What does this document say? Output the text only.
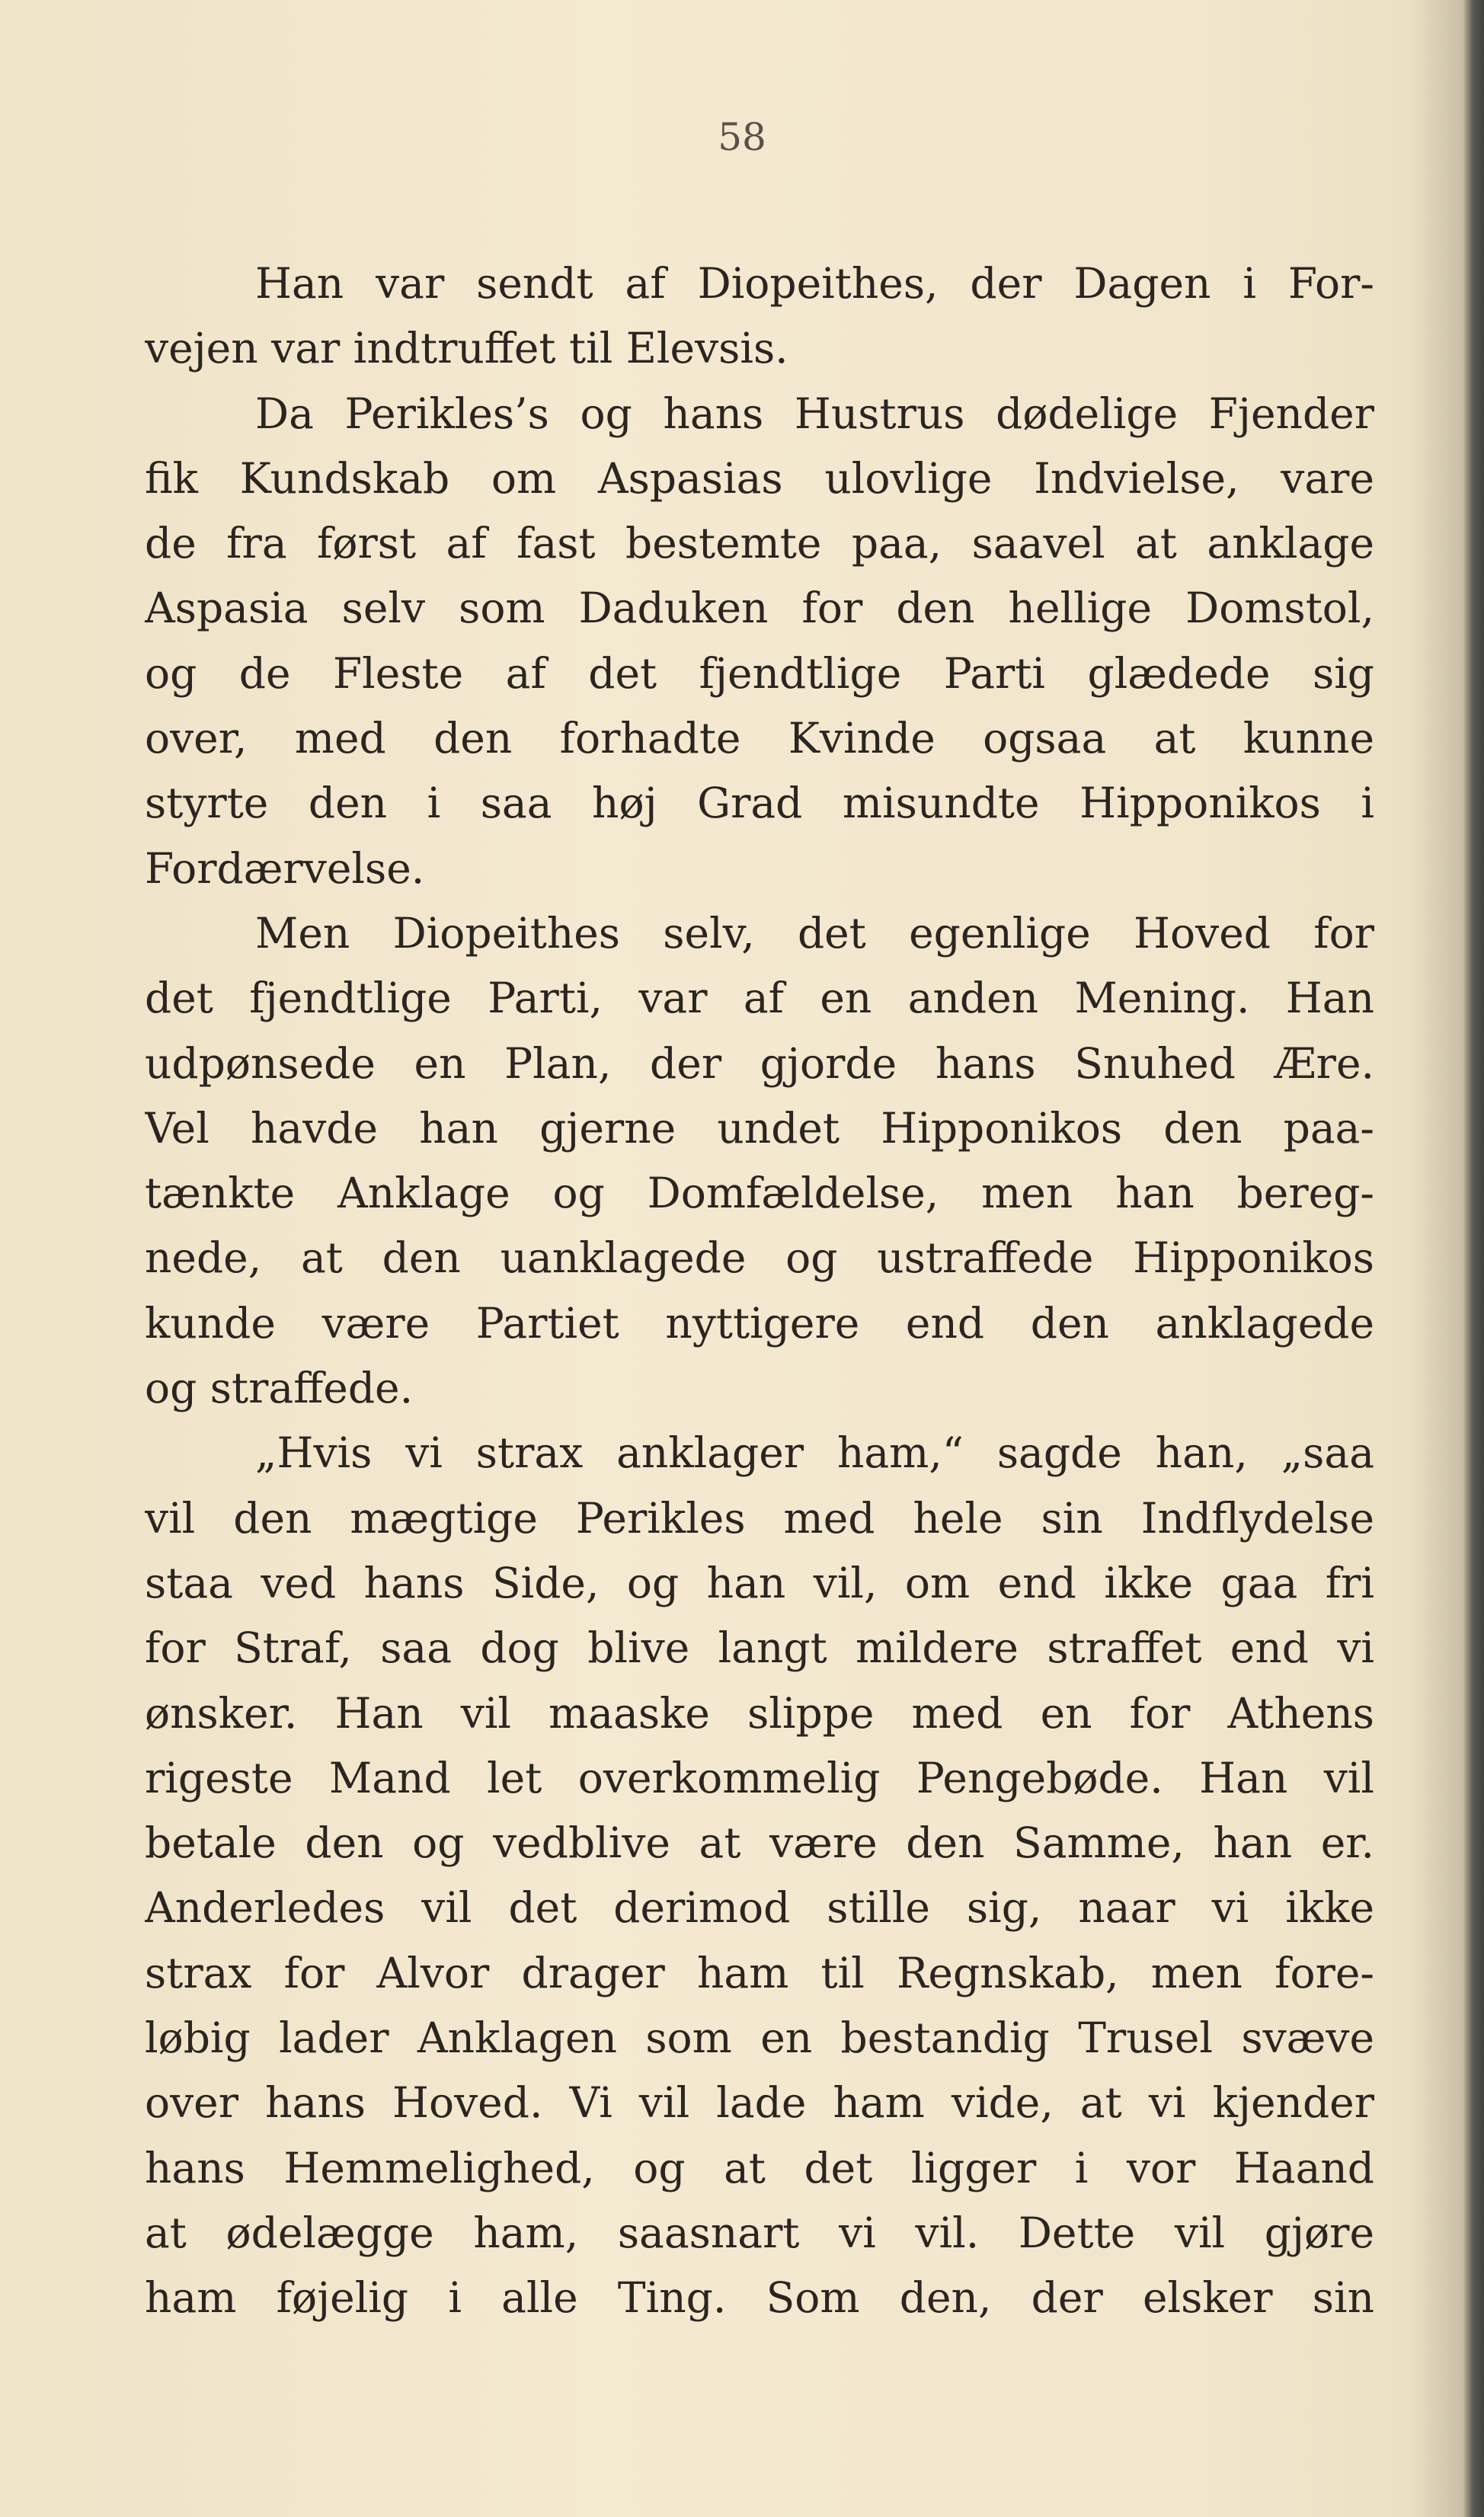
58
Han var sendt af Diopeithes, der Dagen i For-
vejen var indtruffet til Elevsis.
Da Perikles’s og hans Hustrus dødelige Fjender
fik Kundskab om Aspasias ulovlige Indvielse, vare
de fra først af fast bestemte paa, saavel at anklage
Aspasia selv som Daduken for den hellige Domstol,
og de Fleste af det fjendtlige Parti glædede sig
over, med den forhadte Kvinde ogsaa at kunne
styrte den i saa høj Grad misundte Hipponikos i
Fordærvelse.
Men Diopeithes selv, det egenlige Hoved for
det fjendtlige Parti, var af en anden Mening. Han
udpønsede en Plan, der gjorde hans Snuhed Ære.
Vel havde han gjerne undet Hipponikos den paa-
tænkte Anklage og Domfældelse, men han bereg-
nede, at den uanklagede og ustraffede Hipponikos
kunde være Partiet nyttigere end den anklagede
og straffede.
„Hvis vi strax anklager ham,“ sagde han, „saa
vil den mægtige Perikles med hele sin Indflydelse
staa ved hans Side, og han vil, om end ikke gaa fri
for Straf, saa dog blive langt mildere straffet end vi
ønsker. Han vil maaske slippe med en for Athens
rigeste Mand let overkommelig Pengebøde. Han vil
betale den og vedblive at være den Samme, han er.
Anderledes vil det derimod stille sig, naar vi ikke
strax for Alvor drager ham til Regnskab, men fore-
løbig lader Anklagen som en bestandig Trusel svæve
over hans Hoved. Vi vil lade ham vide, at vi kjender
hans Hemmelighed, og at det ligger i vor Haand
at ødelægge ham, saasnart vi vil. Dette vil gjøre
ham føjelig i alle Ting. Som den, der elsker sin
